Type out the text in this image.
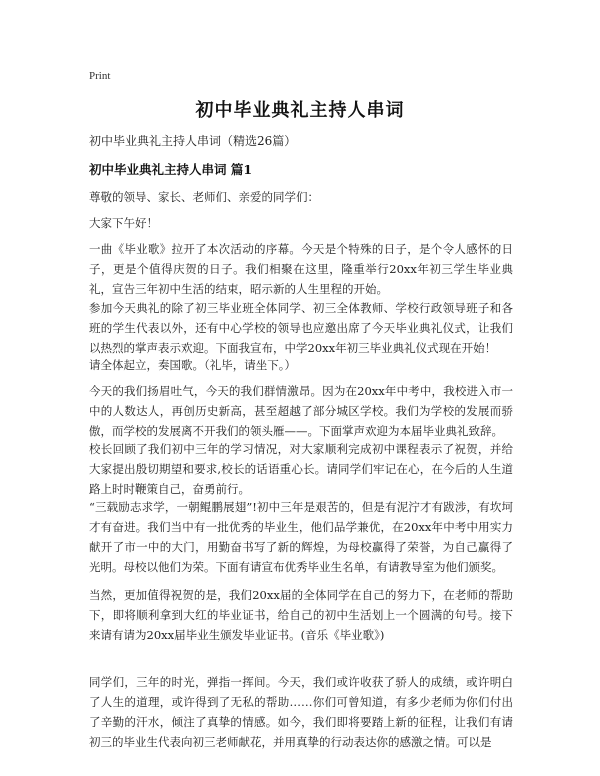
Print
初中毕业典礼主持人串词
初中毕业典礼主持人串词（精选26篇）
初中毕业典礼主持人串词 篇1

尊敬的领导、家长、老师们、亲爱的同学们：

大家下午好！

一曲《毕业歌》拉开了本次活动的序幕。今天是个特殊的日子，是个令人感怀的日子，更是个值得庆贺的日子。我们相聚在这里，隆重举行20xx年初三学生毕业典礼，宣告三年初中生活的结束，昭示新的人生里程的开始。

参加今天典礼的除了初三毕业班全体同学、初三全体教师、学校行政领导班子和各班的学生代表以外，还有中心学校的领导也应邀出席了今天毕业典礼仪式，让我们以热烈的掌声表示欢迎。下面我宣布，中学20xx年初三毕业典礼仪式现在开始！

请全体起立，奏国歌。（礼毕，请坐下。）

今天的我们扬眉吐气，今天的我们群情激昂。因为在20xx年中考中，我校进入市一中的人数达人，再创历史新高，甚至超越了部分城区学校。我们为学校的发展而骄傲，而学校的发展离不开我们的领头雁——。下面掌声欢迎为本届毕业典礼致辞。

校长回顾了我们初中三年的学习情况，对大家顺利完成初中课程表示了祝贺，并给大家提出殷切期望和要求,校长的话语重心长。请同学们牢记在心，在今后的人生道路上时时鞭策自己，奋勇前行。

“三载励志求学，一朝鲲鹏展翅”!初中三年是艰苦的，但是有泥泞才有跋涉，有坎坷才有奋进。我们当中有一批优秀的毕业生，他们品学兼优，在20xx年中考中用实力献开了市一中的大门，用勤奋书写了新的辉煌，为母校赢得了荣誉，为自己赢得了光明。母校以他们为荣。下面有请宣布优秀毕业生名单，有请教导室为他们颁奖。

当然，更加值得祝贺的是，我们20xx届的全体同学在自己的努力下，在老师的帮助下，即将顺利拿到大红的毕业证书，给自己的初中生活划上一个圆满的句号。接下来请有请为20xx届毕业生颁发毕业证书。(音乐《毕业歌》)

同学们，三年的时光，弹指一挥间。今天，我们或许收获了骄人的成绩，或许明白了人生的道理，或许得到了无私的帮助……你们可曾知道，有多少老师为你们付出了辛勤的汗水，倾注了真挚的情感。如今，我们即将要踏上新的征程，让我们有请初三的毕业生代表向初三老师献花，并用真挚的行动表达你的感激之情。可以是
